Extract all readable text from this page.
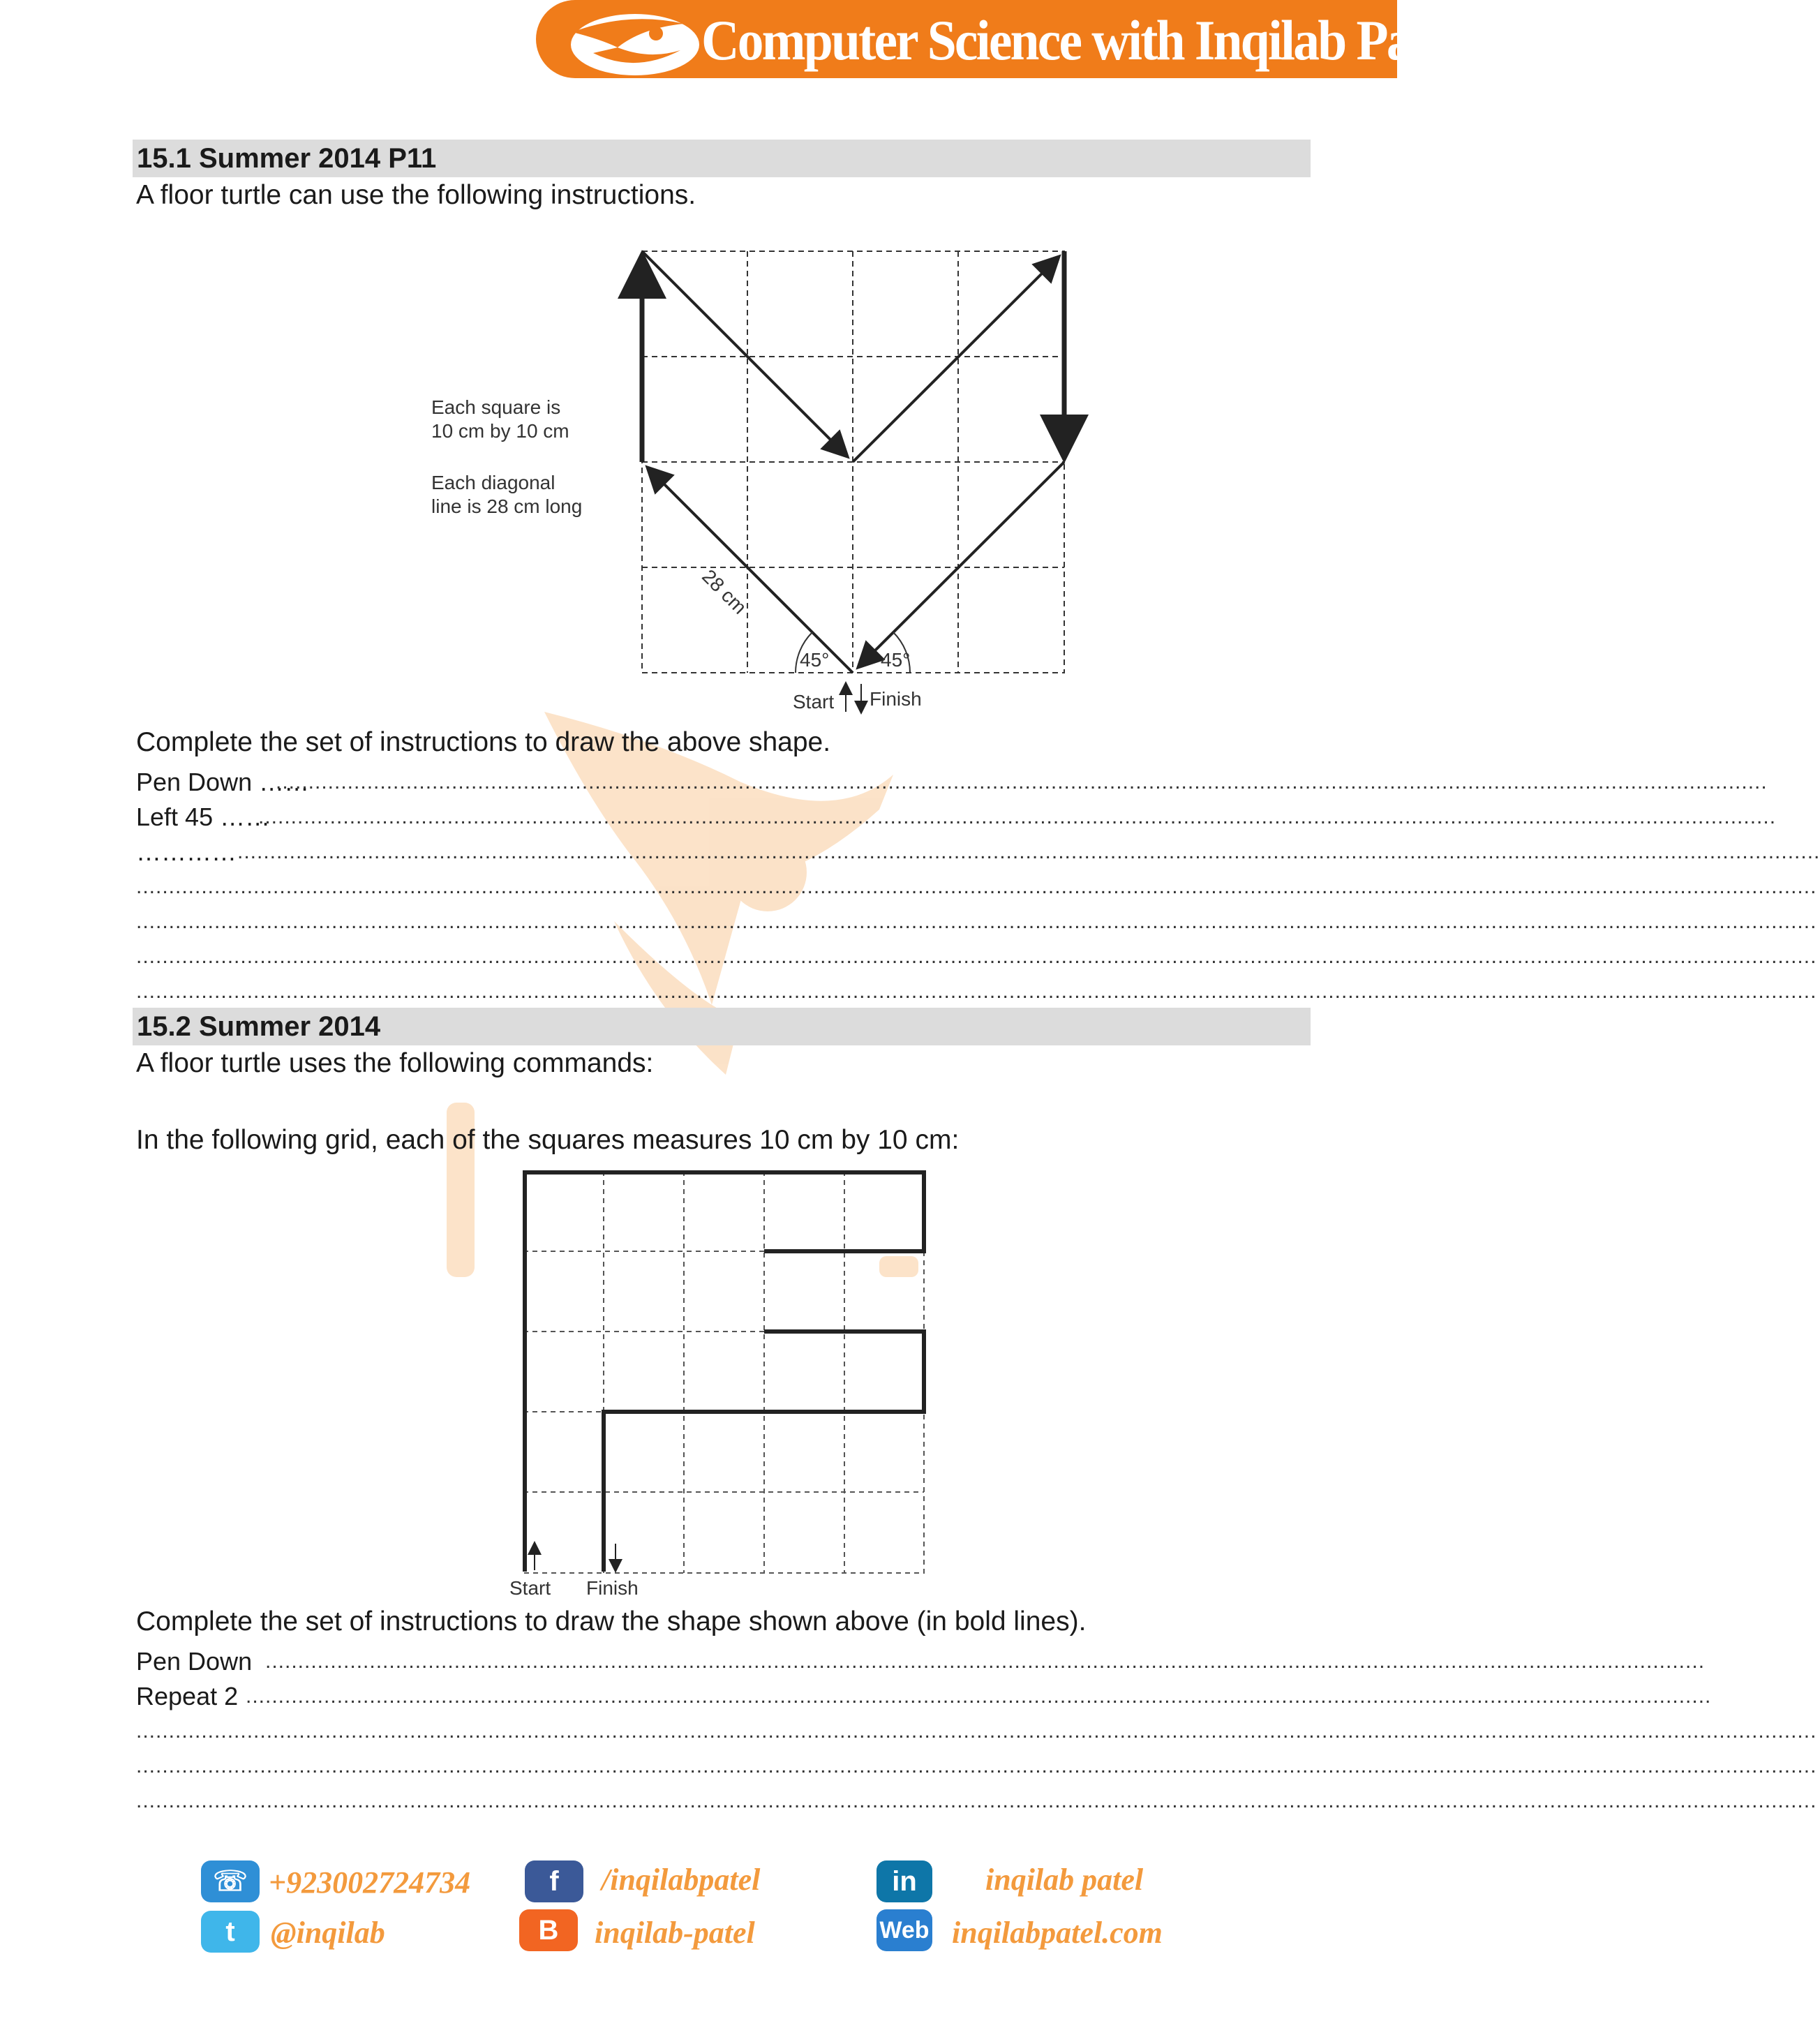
Computer Science with Inqilab Patel
15.1 Summer 2014 P11
A floor turtle can use the following instructions.
Each square is
10 cm by 10 cm
Each diagonal
line is 28 cm long
28 cm
45°	45°
Start Finish
Complete the set of instructions to draw the above shape.
Pen Down ……
.....................................................................................................................................................................................................................................
Left 45 ……
.........................................................................................................................................................................................................................................
………… ...................................................................................................................................................................................................................................................
..................................................................................................................................................................................................................................................................
..................................................................................................................................................................................................................................................................
..................................................................................................................................................................................................................................................................
..................................................................................................................................................................................................................................................................
15.2 Summer 2014
A floor turtle uses the following commands:
In the following grid, each of the squares measures 10 cm by 10 cm:
Start Finish
Complete the set of instructions to draw the shape shown above (in bold lines).
Pen Down .............................................................................................................................................................................................................................
Repeat 2 .................................................................................................................................................................................................................................
..................................................................................................................................................................................................................................................................
..................................................................................................................................................................................................................................................................
..................................................................................................................................................................................................................................................................
☏ +923002724734
t	@inqilab
f	/inqilabpatel
B	inqilab-patel
in	inqilab patel
Web inqilabpatel.com
